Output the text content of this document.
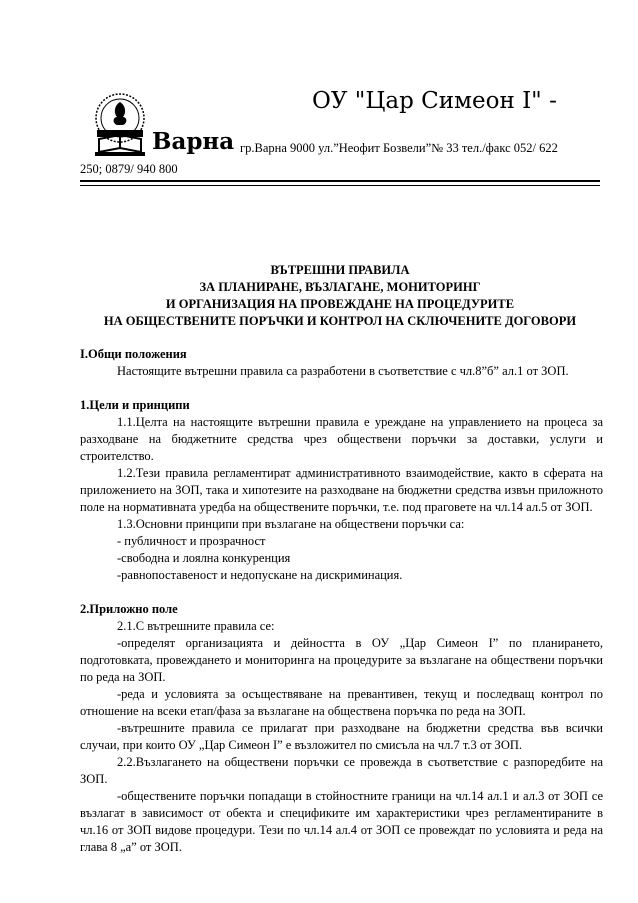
ОУ "Цар Симеон I" -
Варна гр.Варна 9000 ул.”Неофит Бозвели”№ 33 тел./факс 052/ 622
250; 0879/ 940 800
ВЪТРЕШНИ ПРАВИЛА
ЗА ПЛАНИРАНЕ, ВЪЗЛАГАНЕ, МОНИТОРИНГ
И ОРГАНИЗАЦИЯ НА ПРОВЕЖДАНЕ НА ПРОЦЕДУРИТЕ
НА ОБЩЕСТВЕНИТЕ ПОРЪЧКИ И КОНТРОЛ НА СКЛЮЧЕНИТЕ ДОГОВОРИ
I.Общи положения
Настоящите вътрешни правила са разработени в съответствие с чл.8”б” ал.1 от ЗОП.
1.Цели и принципи
1.1.Целта на настоящите вътрешни правила е уреждане на управлението на процеса за разходване на бюджетните средства чрез обществени поръчки за доставки, услуги и строителство.
1.2.Тези правила регламентират административното взаимодействие, както в сферата на приложението на ЗОП, така и хипотезите на разходване на бюджетни средства извън приложното поле на нормативната уредба на обществените поръчки, т.е. под праговете на чл.14 ал.5 от ЗОП.
1.3.Основни принципи при възлагане на обществени поръчки са:
- публичност и прозрачност
-свободна и лоялна конкуренция
-равнопоставеност и недопускане на дискриминация.
2.Приложно поле
2.1.С вътрешните правила се:
-определят организацията и дейността в ОУ „Цар Симеон I” по планирането, подготовката, провеждането и мониторинга на процедурите за възлагане на обществени поръчки по реда на ЗОП.
-реда и условията за осъществяване на превантивен, текущ и последващ контрол по отношение на всеки етап/фаза за възлагане на обществена поръчка по реда на ЗОП.
-вътрешните правила се прилагат при разходване на бюджетни средства във всички случаи, при които ОУ „Цар Симеон I” е възложител по смисъла на чл.7 т.3 от ЗОП.
2.2.Възлагането на обществени поръчки се провежда в съответствие с разпоредбите на ЗОП.
-обществените поръчки попадащи в стойностните граници на чл.14 ал.1 и ал.3 от ЗОП се възлагат в зависимост от обекта и спецификите им характеристики чрез регламентираните в чл.16 от ЗОП видове процедури. Тези по чл.14 ал.4 от ЗОП се провеждат по условията и реда на глава 8 „а” от ЗОП.
